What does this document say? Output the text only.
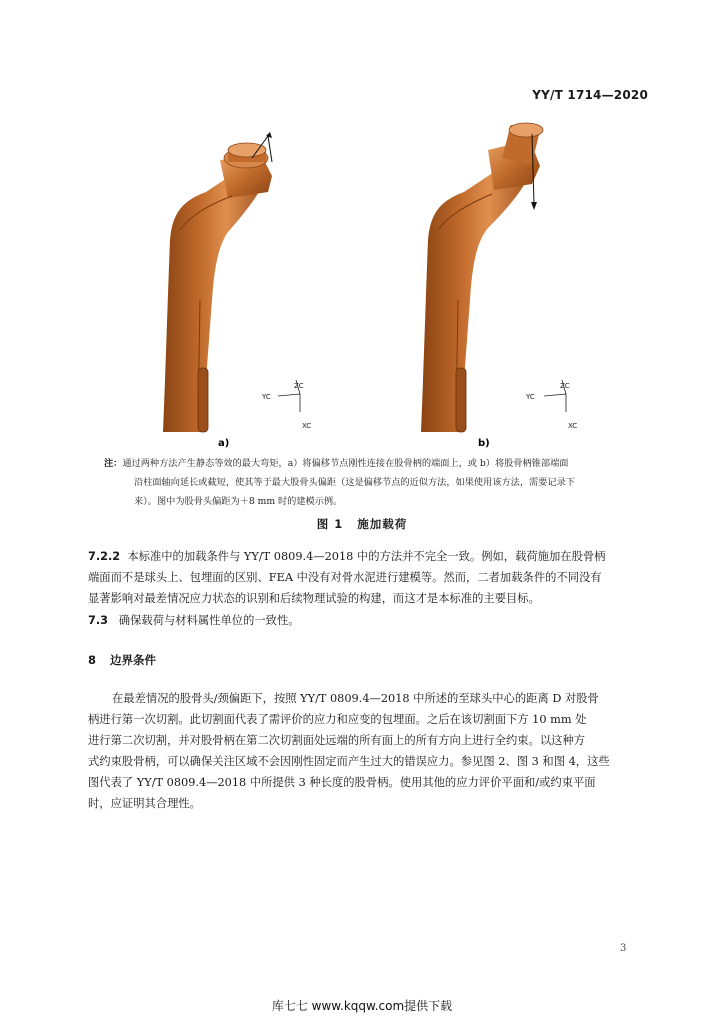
YY/T 1714—2020
ZC
YC
XC
ZC
YC
XC
a)	b)
注：通过两种方法产生静态等效的最大弯矩，a）将偏移节点刚性连接在股骨柄的端面上，或 b）将股骨柄锥部端面
沿柱面轴向延长或截短，使其等于最大股骨头偏距（这是偏移节点的近似方法，如果使用该方法，需要记录下
来）。图中为股骨头偏距为＋8 mm 时的建模示例。
图 1 施加载荷
7.2.2 本标准中的加载条件与 YY/T 0809.4—2018 中的方法并不完全一致。例如，载荷施加在股骨柄
端面而不是球头上、包埋面的区别、FEA 中没有对骨水泥进行建模等。然而，二者加载条件的不同没有
显著影响对最差情况应力状态的识别和后续物理试验的构建，而这才是本标准的主要目标。
7.3 确保载荷与材料属性单位的一致性。
8 边界条件
在最差情况的股骨头/颈偏距下，按照 YY/T 0809.4—2018 中所述的至球头中心的距离 D 对股骨
柄进行第一次切割。此切割面代表了需评价的应力和应变的包埋面。之后在该切割面下方 10 mm 处
进行第二次切割，并对股骨柄在第二次切割面处远端的所有面上的所有方向上进行全约束。以这种方
式约束股骨柄，可以确保关注区域不会因刚性固定而产生过大的错误应力。参见图 2、图 3 和图 4，这些
图代表了 YY/T 0809.4—2018 中所提供 3 种长度的股骨柄。使用其他的应力评价平面和/或约束平面
时，应证明其合理性。
3
库七七 www.kqqw.com提供下载
